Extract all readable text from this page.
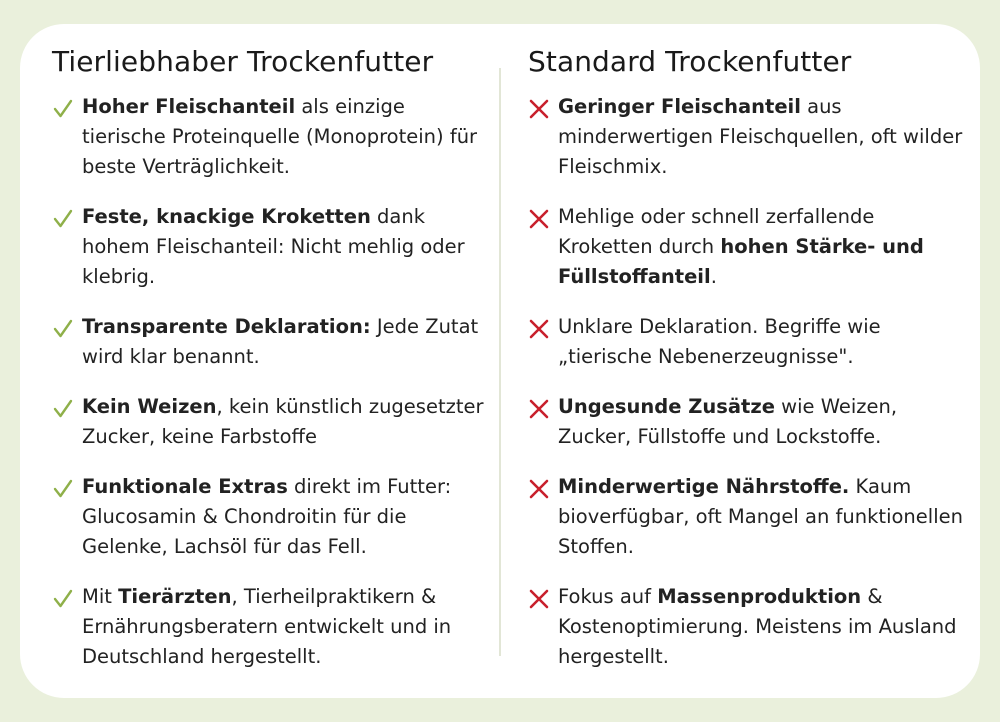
Tierliebhaber Trockenfutter
Hoher Fleischanteil als einzige tierische Proteinquelle (Monoprotein) für beste Verträglichkeit.
Feste, knackige Kroketten dank hohem Fleischanteil: Nicht mehlig oder klebrig.
Transparente Deklaration: Jede Zutat wird klar benannt.
Kein Weizen, kein künstlich zugesetzter Zucker, keine Farbstoffe
Funktionale Extras direkt im Futter: Glucosamin & Chondroitin für die Gelenke, Lachsöl für das Fell.
Mit Tierärzten, Tierheilpraktikern & Ernährungsberatern entwickelt und in Deutschland hergestellt.
Standard Trockenfutter
Geringer Fleischanteil aus minderwertigen Fleischquellen, oft wilder Fleischmix.
Mehlige oder schnell zerfallende Kroketten durch hohen Stärke- und Füllstoffanteil.
Unklare Deklaration. Begriffe wie „tierische Nebenerzeugnisse".
Ungesunde Zusätze wie Weizen, Zucker, Füllstoffe und Lockstoffe.
Minderwertige Nährstoffe. Kaum bioverfügbar, oft Mangel an funktionellen Stoffen.
Fokus auf Massenproduktion & Kostenoptimierung. Meistens im Ausland hergestellt.
